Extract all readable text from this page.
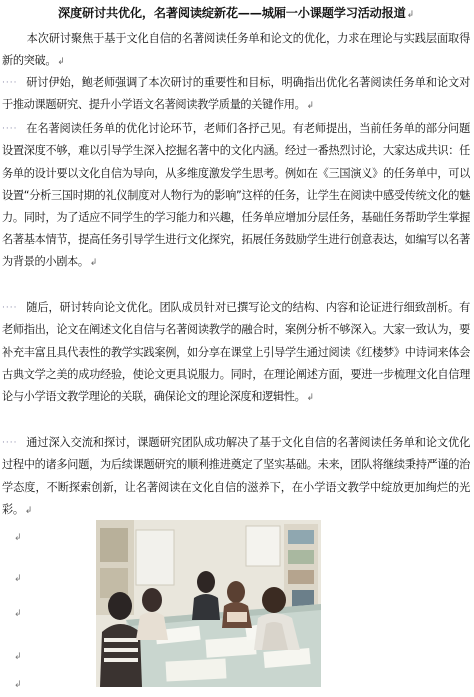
深度研讨共优化，名著阅读绽新花——城厢一小课题学习活动报道↲
本次研讨聚焦于基于文化自信的名著阅读任务单和论文的优化，力求在理论与实践层面取得新的突破。↲
···· 研讨伊始，鲍老师强调了本次研讨的重要性和目标，明确指出优化名著阅读任务单和论文对于推动课题研究、提升小学语文名著阅读教学质量的关键作用。↲
···· 在名著阅读任务单的优化讨论环节，老师们各抒己见。有老师提出，当前任务单的部分问题设置深度不够，难以引导学生深入挖掘名著中的文化内涵。经过一番热烈讨论，大家达成共识：任务单的设计要以文化自信为导向，从多维度激发学生思考。例如在《三国演义》的任务单中，可以设置“分析三国时期的礼仪制度对人物行为的影响”这样的任务，让学生在阅读中感受传统文化的魅力。同时，为了适应不同学生的学习能力和兴趣，任务单应增加分层任务，基础任务帮助学生掌握名著基本情节，提高任务引导学生进行文化探究，拓展任务鼓励学生进行创意表达，如编写以名著为背景的小剧本。↲
···· 随后，研讨转向论文优化。团队成员针对已撰写论文的结构、内容和论证进行细致剖析。有老师指出，论文在阐述文化自信与名著阅读教学的融合时，案例分析不够深入。大家一致认为，要补充丰富且具代表性的教学实践案例，如分享在课堂上引导学生通过阅读《红楼梦》中诗词来体会古典文学之美的成功经验，使论文更具说服力。同时，在理论阐述方面，要进一步梳理文化自信理论与小学语文教学理论的关联，确保论文的理论深度和逻辑性。↲
···· 通过深入交流和探讨，课题研究团队成功解决了基于文化自信的名著阅读任务单和论文优化过程中的诸多问题，为后续课题研究的顺利推进奠定了坚实基础。未来，团队将继续秉持严谨的治学态度，不断探索创新，让名著阅读在文化自信的滋养下，在小学语文教学中绽放更加绚烂的光彩。↲
↲
↲
↲
↲
↲
